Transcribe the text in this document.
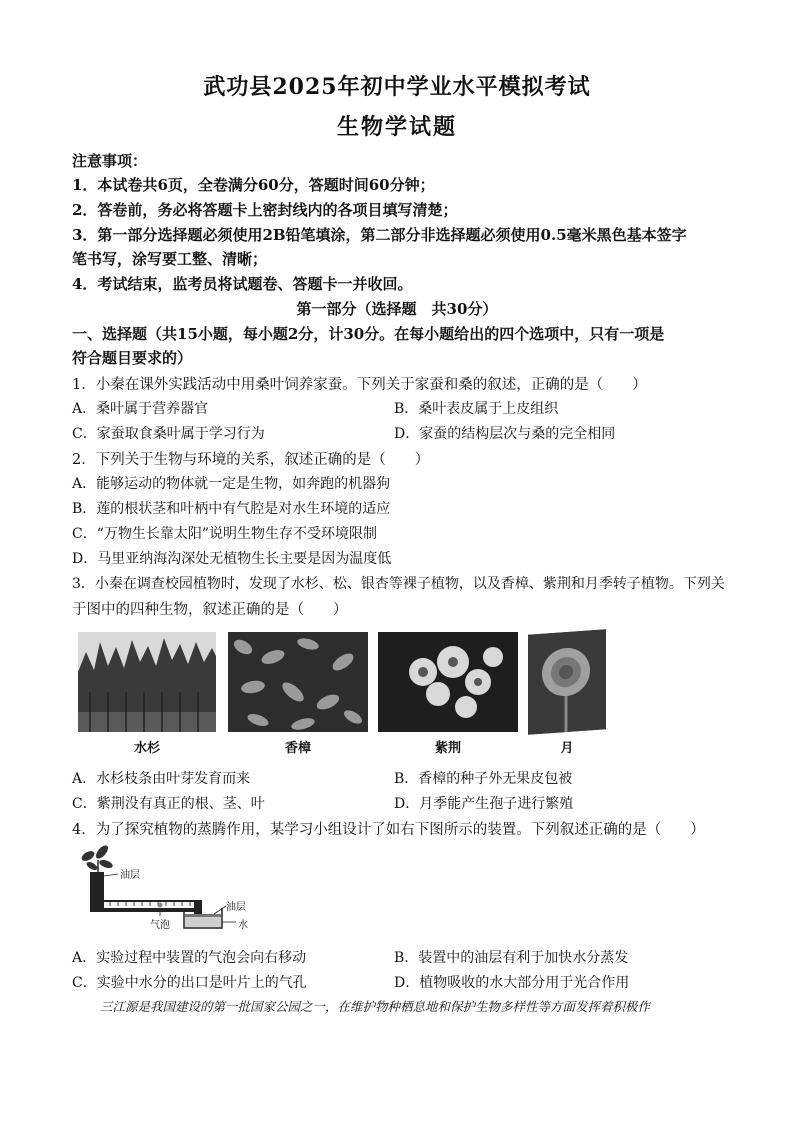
武功县2025年初中学业水平模拟考试
生物学试题
注意事项：
1．本试卷共6页，全卷满分60分，答题时间60分钟；
2．答卷前，务必将答题卡上密封线内的各项目填写清楚；
3．第一部分选择题必须使用2B铅笔填涂，第二部分非选择题必须使用0.5毫米黑色基本签字
笔书写，涂写要工整、清晰；
4．考试结束，监考员将试题卷、答题卡一并收回。
第一部分（选择题　共30分）
一、选择题（共15小题，每小题2分，计30分。在每小题给出的四个选项中，只有一项是
符合题目要求的）
1．小秦在课外实践活动中用桑叶饲养家蚕。下列关于家蚕和桑的叙述，正确的是（　　）
A．桑叶属于营养器官	B．桑叶表皮属于上皮组织
C．家蚕取食桑叶属于学习行为	D．家蚕的结构层次与桑的完全相同
2．下列关于生物与环境的关系，叙述正确的是（　　）
A．能够运动的物体就一定是生物，如奔跑的机器狗
B．莲的根状茎和叶柄中有气腔是对水生环境的适应
C．“万物生长靠太阳”说明生物生存不受环境限制
D．马里亚纳海沟深处无植物生长主要是因为温度低
3．小秦在调查校园植物时，发现了水杉、松、银杏等裸子植物，以及香樟、紫荆和月季转子植物。下列关
于图中的四种生物，叙述正确的是（　　）
水杉	香樟	紫荆	月
A．水杉枝条由叶芽发育而来	B．香樟的种子外无果皮包被
C．紫荆没有真正的根、茎、叶	D．月季能产生孢子进行繁殖
4．为了探究植物的蒸腾作用，某学习小组设计了如右下图所示的装置。下列叙述正确的是（　　）
油层
气泡
油层
水
A．实验过程中装置的气泡会向右移动	B．装置中的油层有利于加快水分蒸发
C．实验中水分的出口是叶片上的气孔	D．植物吸收的水大部分用于光合作用
三江源是我国建设的第一批国家公园之一，在维护物种栖息地和保护生物多样性等方面发挥着积极作
